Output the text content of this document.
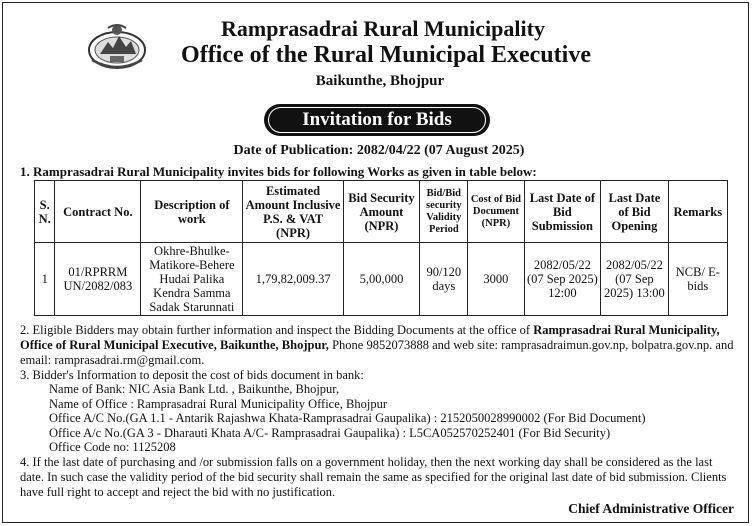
Ramprasadrai Rural Municipality
Office of the Rural Municipal Executive
Baikunthe, Bhojpur
Invitation for Bids
Date of Publication: 2082/04/22 (07 August 2025)
1. Ramprasadrai Rural Municipality invites bids for following Works as given in table below:
S. N.	Contract No.	Description of work	Estimated Amount Inclusive P.S. & VAT (NPR)	Bid Security Amount (NPR)	Bid/Bid security Validity Period	Cost of Bid Document (NPR)	Last Date of Bid Submission	Last Date of Bid Opening	Remarks
1	01/RPRRM UN/2082/083	Okhre-Bhulke-Matikore-Behere Hudai Palika Kendra Samma Sadak Starunnati	1,79,82,009.37	5,00,000	90/120 days	3000	2082/05/22 (07 Sep 2025) 12:00	2082/05/22 (07 Sep 2025) 13:00	NCB/ E-bids
2. Eligible Bidders may obtain further information and inspect the Bidding Documents at the office of Ramprasadrai Rural Municipality, Office of Rural Municipal Executive, Baikunthe, Bhojpur, Phone 9852073888 and web site: ramprasadraimun.gov.np, bolpatra.gov.np. and email: ramprasadrai.rm@gmail.com.
3. Bidder's Information to deposit the cost of bids document in bank:
Name of Bank: NIC Asia Bank Ltd. , Baikunthe, Bhojpur,
Name of Office : Ramprasadrai Rural Municipality Office, Bhojpur
Office A/C No.(GA 1.1 - Antarik Rajashwa Khata-Ramprasadrai Gaupalika) : 2152050028990002 (For Bid Document)
Office A/c No.(GA 3 - Dharauti Khata A/C- Ramprasadrai Gaupalika) : L5CA052570252401 (For Bid Security)
Office Code no: 1125208
4. If the last date of purchasing and /or submission falls on a government holiday, then the next working day shall be considered as the last date. In such case the validity period of the bid security shall remain the same as specified for the original last date of bid submission. Clients have full right to accept and reject the bid with no justification.
Chief Administrative Officer
